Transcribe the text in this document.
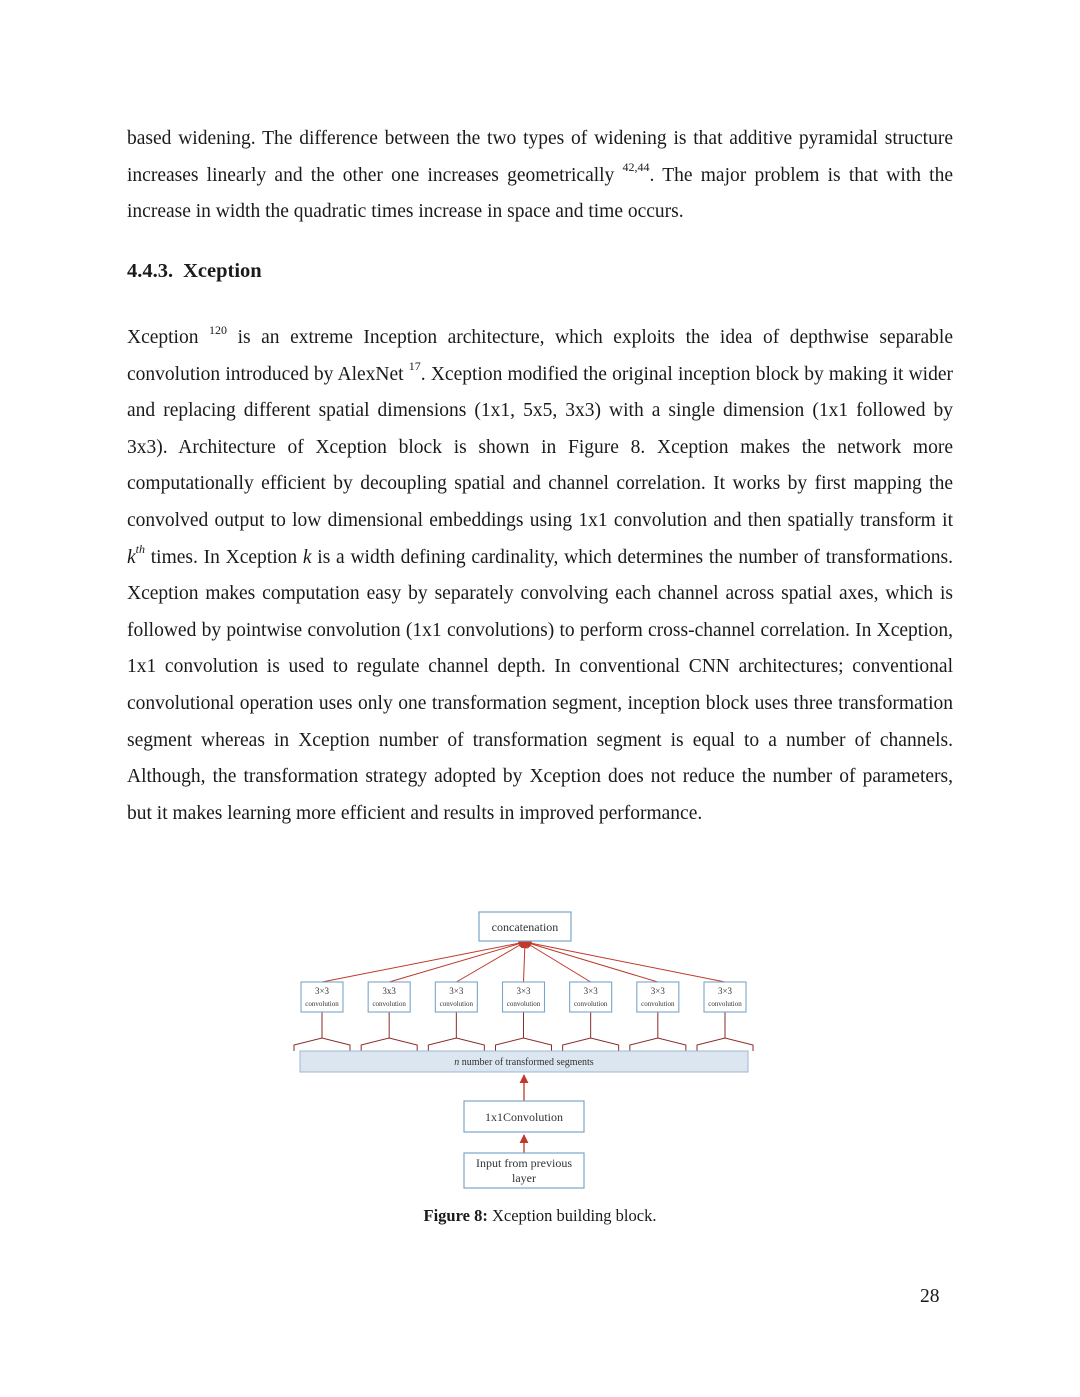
based widening. The difference between the two types of widening is that additive pyramidal structure increases linearly and the other one increases geometrically $^{42,44}$. The major problem is that with the increase in width the quadratic times increase in space and time occurs.

4.4.3. Xception

Xception $^{120}$ is an extreme Inception architecture, which exploits the idea of depthwise separable convolution introduced by AlexNet $^{17}$. Xception modified the original inception block by making it wider and replacing different spatial dimensions (1x1, 5x5, 3x3) with a single dimension (1x1 followed by 3x3). Architecture of Xception block is shown in Figure 8. Xception makes the network more computationally efficient by decoupling spatial and channel correlation. It works by first mapping the convolved output to low dimensional embeddings using 1x1 convolution and then spatially transform it $k^{th}$ times. In Xception k is a width defining cardinality, which determines the number of transformations. Xception makes computation easy by separately convolving each channel across spatial axes, which is followed by pointwise convolution (1x1 convolutions) to perform cross-channel correlation. In Xception, 1x1 convolution is used to regulate channel depth. In conventional CNN architectures; conventional convolutional operation uses only one transformation segment, inception block uses three transformation segment whereas in Xception number of transformation segment is equal to a number of channels. Although, the transformation strategy adopted by Xception does not reduce the number of parameters, but it makes learning more efficient and results in improved performance.

concatenation
3×3
convolution
3x3
convolution
3×3
convolution
3×3
convolution
3×3
convolution
3×3
convolution
3×3
convolution
n number of transformed segments
1x1Convolution
Input from previous
layer
Figure 8: Xception building block.
28
